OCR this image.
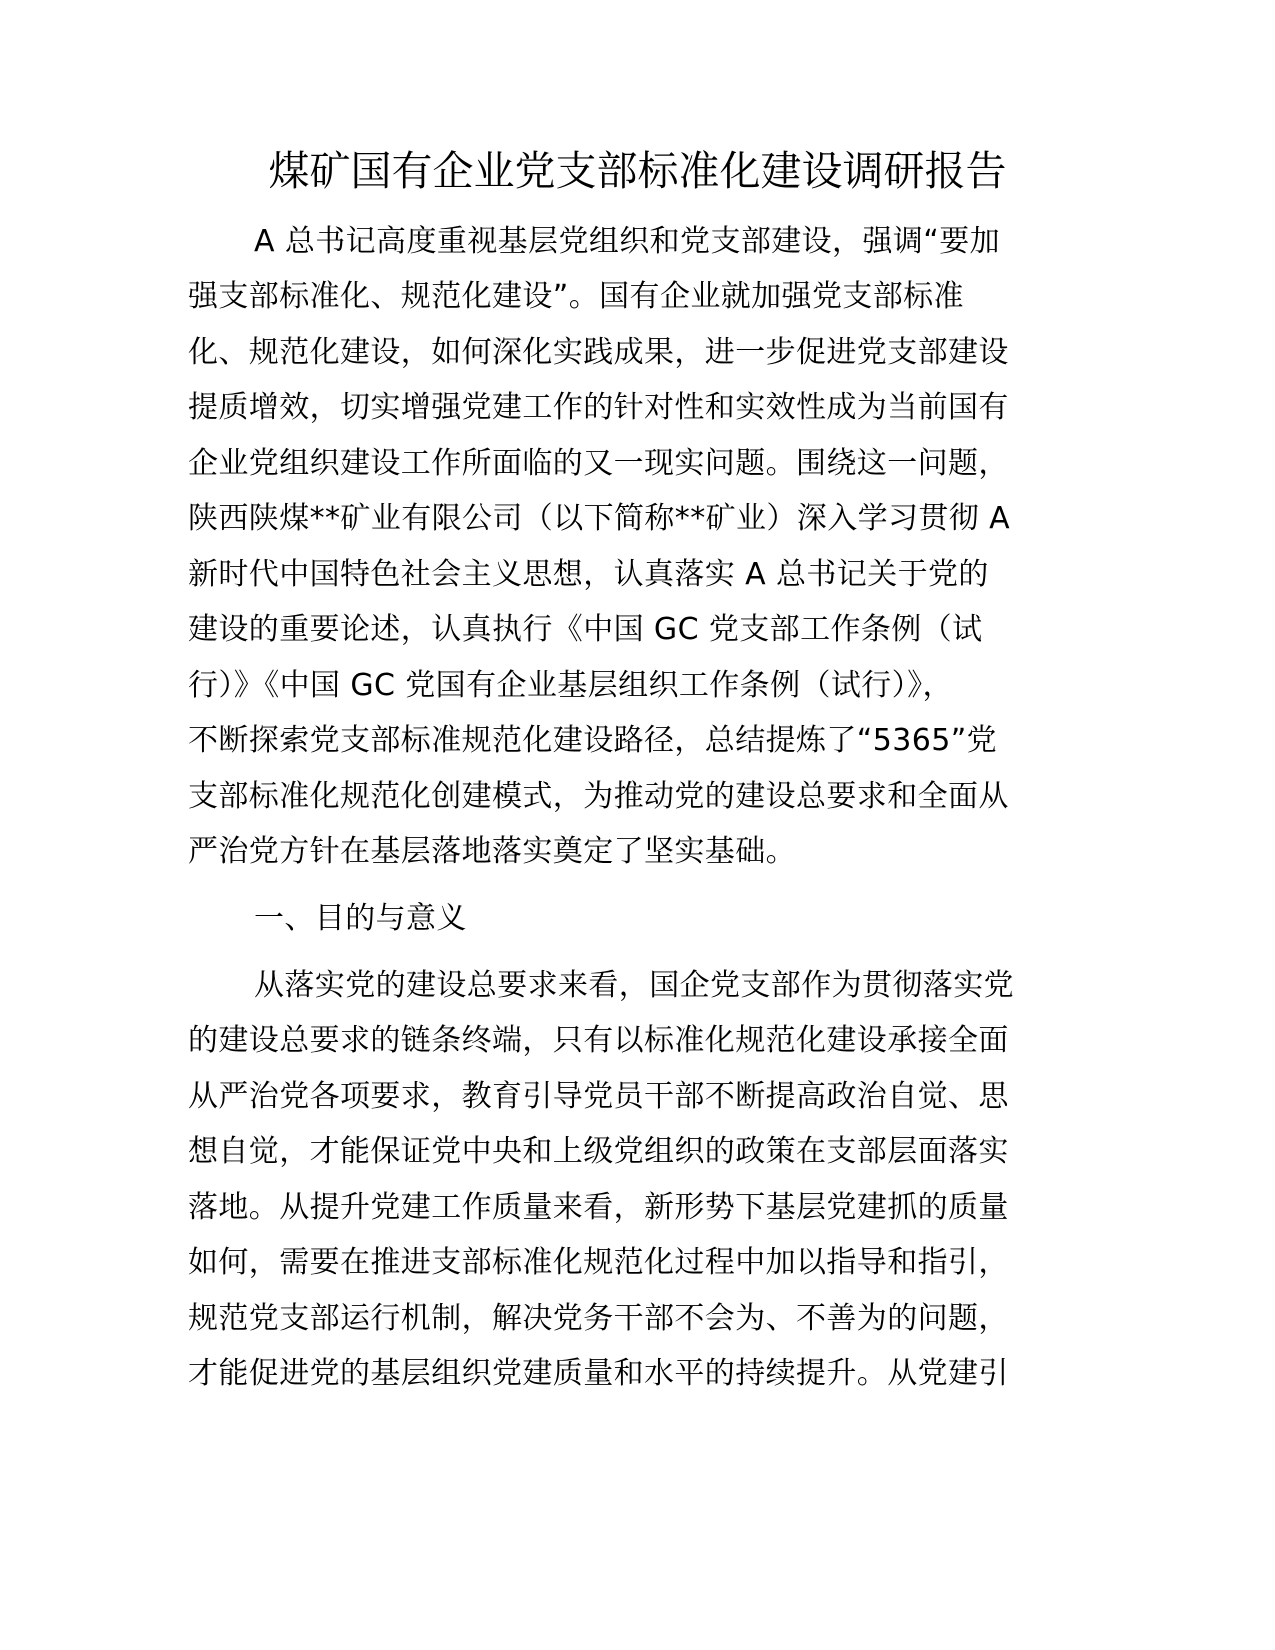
煤矿国有企业党支部标准化建设调研报告
A 总书记高度重视基层党组织和党支部建设，强调“要加
强支部标准化、规范化建设”。国有企业就加强党支部标准
化、规范化建设，如何深化实践成果，进一步促进党支部建设
提质增效，切实增强党建工作的针对性和实效性成为当前国有
企业党组织建设工作所面临的又一现实问题。围绕这一问题，
陕西陕煤**矿业有限公司（以下简称**矿业）深入学习贯彻 A
新时代中国特色社会主义思想，认真落实 A 总书记关于党的
建设的重要论述，认真执行《中国 GC 党支部工作条例（试
行）》《中国 GC 党国有企业基层组织工作条例（试行）》，
不断探索党支部标准规范化建设路径，总结提炼了“5365”党
支部标准化规范化创建模式，为推动党的建设总要求和全面从
严治党方针在基层落地落实奠定了坚实基础。
一、目的与意义
从落实党的建设总要求来看，国企党支部作为贯彻落实党
的建设总要求的链条终端，只有以标准化规范化建设承接全面
从严治党各项要求，教育引导党员干部不断提高政治自觉、思
想自觉，才能保证党中央和上级党组织的政策在支部层面落实
落地。从提升党建工作质量来看，新形势下基层党建抓的质量
如何，需要在推进支部标准化规范化过程中加以指导和指引，
规范党支部运行机制，解决党务干部不会为、不善为的问题，
才能促进党的基层组织党建质量和水平的持续提升。从党建引
